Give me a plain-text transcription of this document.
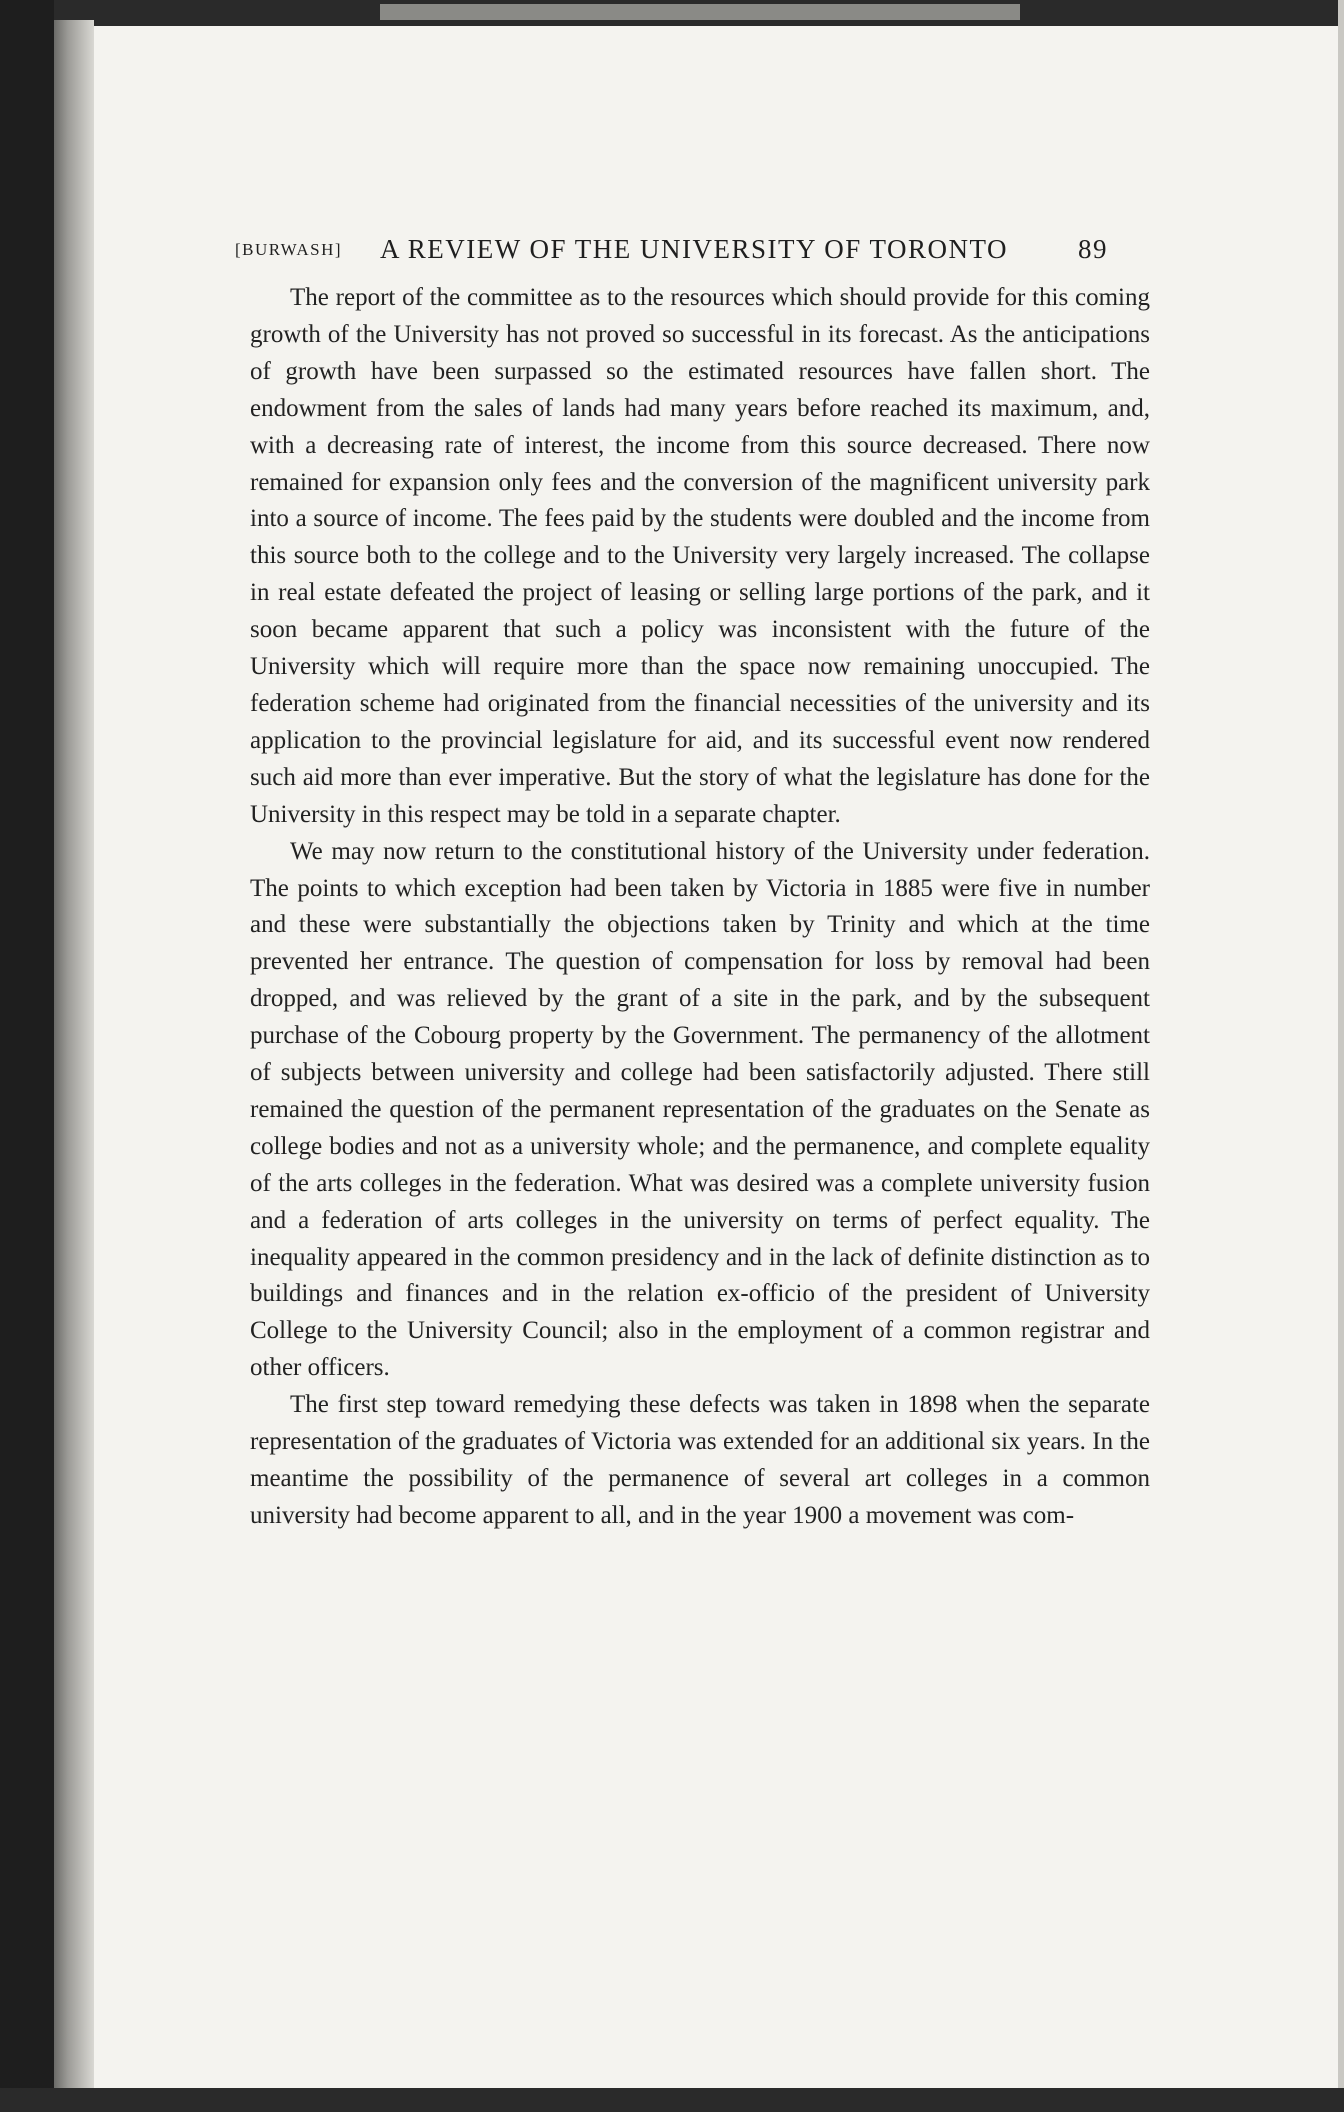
[BURWASH] A REVIEW OF THE UNIVERSITY OF TORONTO	89

The report of the committee as to the resources which should provide for this coming growth of the University has not proved so successful in its forecast. As the anticipations of growth have been surpassed so the estimated resources have fallen short. The endowment from the sales of lands had many years before reached its maximum, and, with a decreasing rate of interest, the income from this source decreased. There now remained for expansion only fees and the conversion of the magnificent university park into a source of income. The fees paid by the students were doubled and the income from this source both to the college and to the University very largely increased. The collapse in real estate defeated the project of leasing or selling large portions of the park, and it soon became apparent that such a policy was inconsistent with the future of the University which will require more than the space now remaining unoccupied. The federation scheme had originated from the financial necessities of the university and its application to the provincial legislature for aid, and its successful event now rendered such aid more than ever imperative. But the story of what the legislature has done for the University in this respect may be told in a separate chapter.

We may now return to the constitutional history of the University under federation. The points to which exception had been taken by Victoria in 1885 were five in number and these were substantially the objections taken by Trinity and which at the time prevented her entrance. The question of compensation for loss by removal had been dropped, and was relieved by the grant of a site in the park, and by the subsequent purchase of the Cobourg property by the Government. The permanency of the allotment of subjects between university and college had been satisfactorily adjusted. There still remained the question of the permanent representation of the graduates on the Senate as college bodies and not as a university whole; and the permanence, and complete equality of the arts colleges in the federation. What was desired was a complete university fusion and a federation of arts colleges in the university on terms of perfect equality. The inequality appeared in the common presidency and in the lack of definite distinction as to buildings and finances and in the relation ex-officio of the president of University College to the University Council; also in the employment of a common registrar and other officers.

The first step toward remedying these defects was taken in 1898 when the separate representation of the graduates of Victoria was extended for an additional six years. In the meantime the possibility of the permanence of several art colleges in a common university had become apparent to all, and in the year 1900 a movement was com-
